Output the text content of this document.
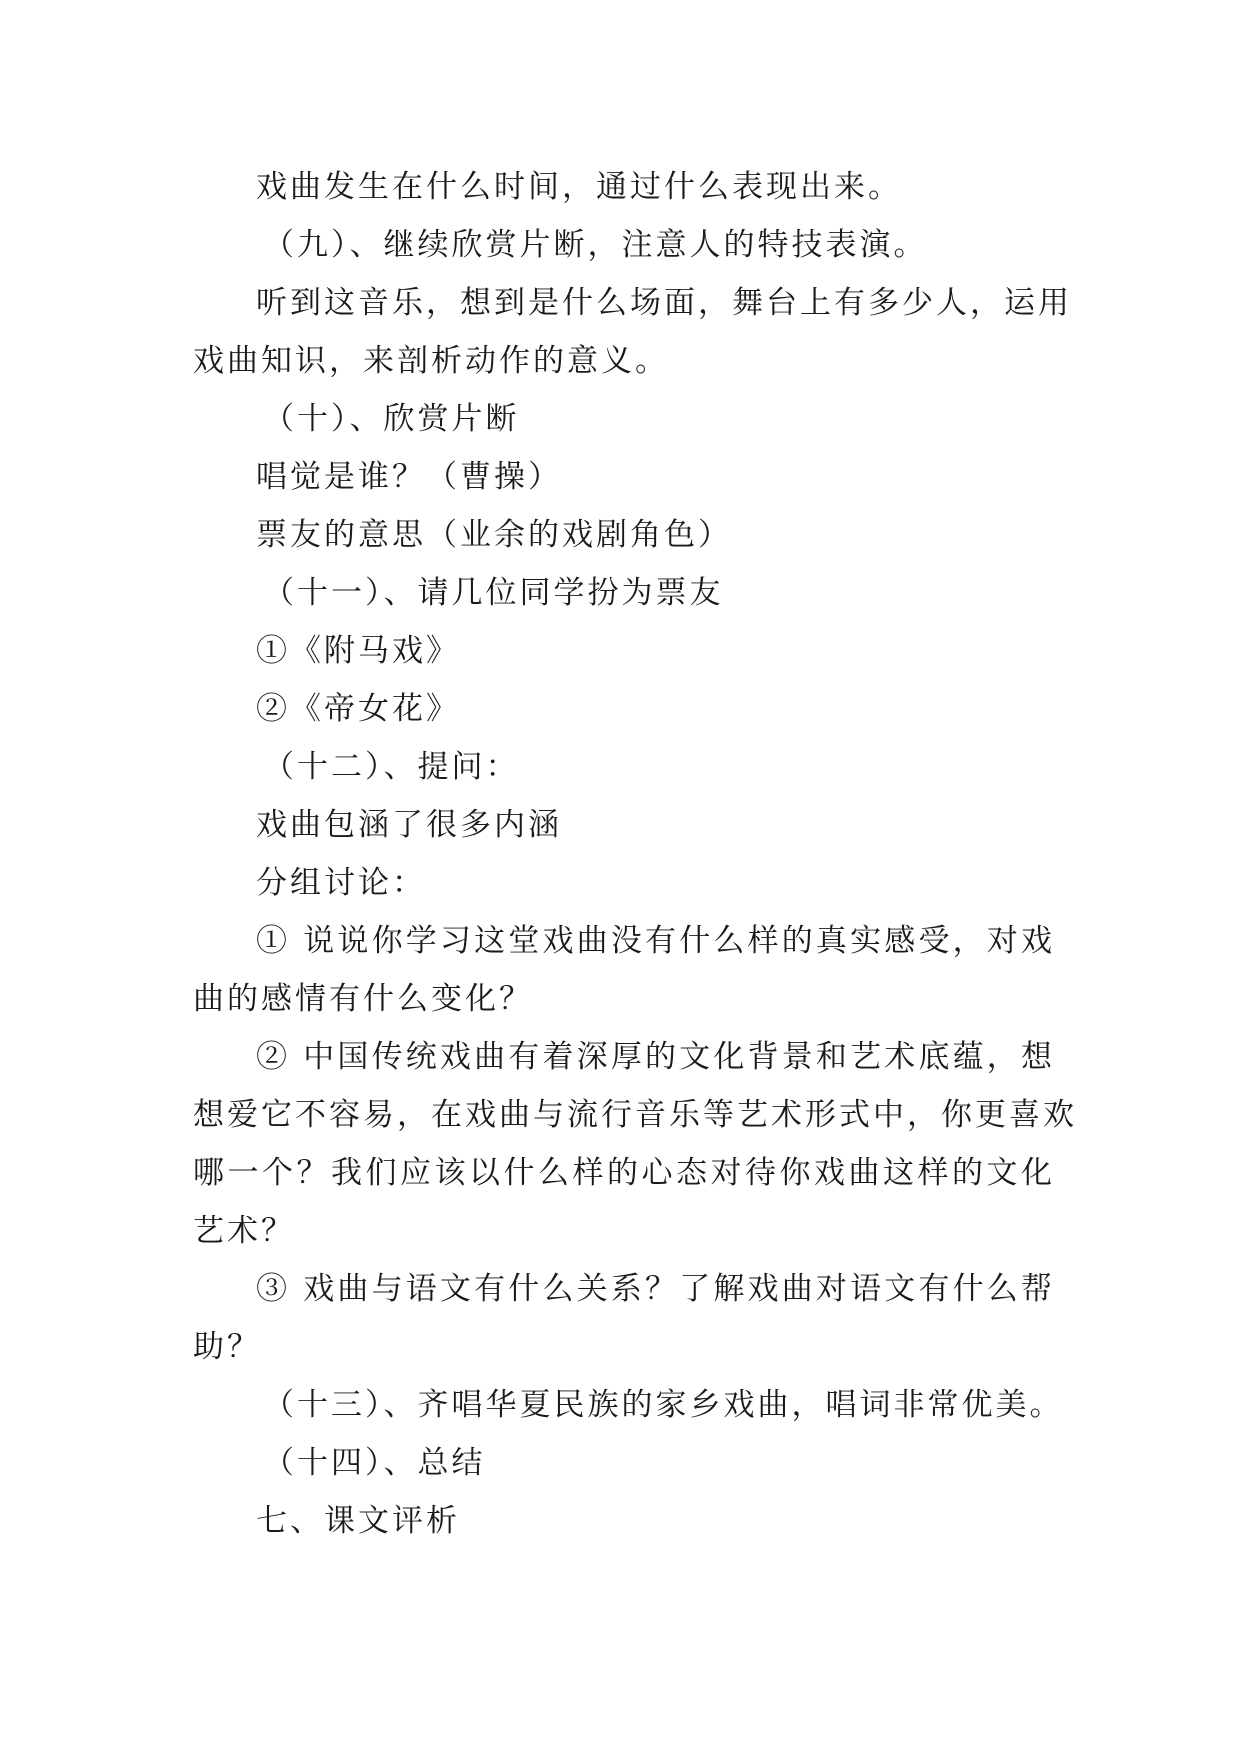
戏曲发生在什么时间，通过什么表现出来。
（九）、继续欣赏片断，注意人的特技表演。
听到这音乐，想到是什么场面，舞台上有多少人，运用
戏曲知识，来剖析动作的意义。
（十）、欣赏片断
唱觉是谁？（曹操）
票友的意思（业余的戏剧角色）
（十一）、请几位同学扮为票友
①《附马戏》
②《帝女花》
（十二）、提问：
戏曲包涵了很多内涵
分组讨论：
① 说说你学习这堂戏曲没有什么样的真实感受，对戏
曲的感情有什么变化？
② 中国传统戏曲有着深厚的文化背景和艺术底蕴，想
想爱它不容易，在戏曲与流行音乐等艺术形式中，你更喜欢
哪一个？我们应该以什么样的心态对待你戏曲这样的文化
艺术？
③ 戏曲与语文有什么关系？了解戏曲对语文有什么帮
助？
（十三）、齐唱华夏民族的家乡戏曲，唱词非常优美。
（十四）、总结
七、课文评析
